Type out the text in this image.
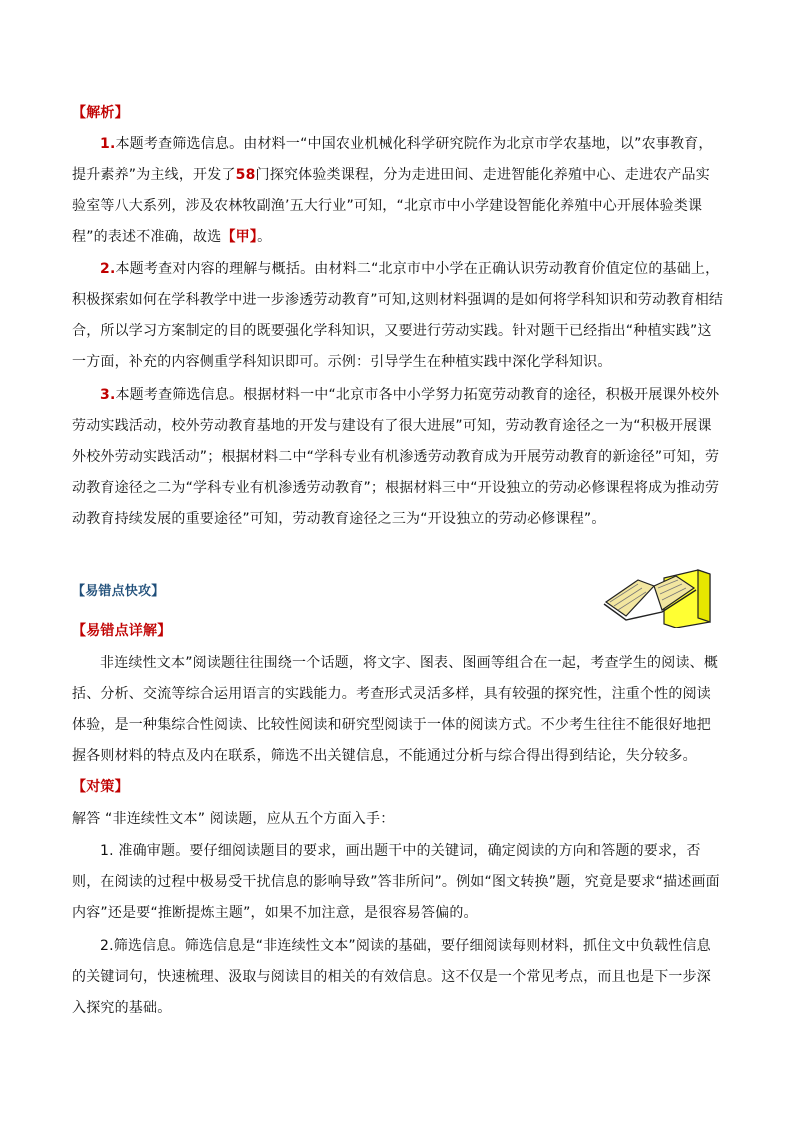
【解析】

1.本题考查筛选信息。由材料一“中国农业机械化科学研究院作为北京市学农基地，以”农事教育，提升素养”为主线，开发了58门探究体验类课程，分为走进田间、走进智能化养殖中心、走进农产品实验室等八大系列，涉及农林牧副渔’五大行业”可知，“北京市中小学建设智能化养殖中心开展体验类课程”的表述不准确，故选【甲】。

2.本题考查对内容的理解与概括。由材料二“北京市中小学在正确认识劳动教育价值定位的基础上，积极探索如何在学科教学中进一步渗透劳动教育”可知,这则材料强调的是如何将学科知识和劳动教育相结合，所以学习方案制定的目的既要强化学科知识，又要进行劳动实践。针对题干已经指出“种植实践”这一方面，补充的内容侧重学科知识即可。示例：引导学生在种植实践中深化学科知识。

3.本题考查筛选信息。根据材料一中“北京市各中小学努力拓宽劳动教育的途径，积极开展课外校外劳动实践活动，校外劳动教育基地的开发与建设有了很大进展”可知，劳动教育途径之一为“积极开展课外校外劳动实践活动”；根据材料二中“学科专业有机渗透劳动教育成为开展劳动教育的新途径”可知，劳动教育途径之二为“学科专业有机渗透劳动教育”；根据材料三中“开设独立的劳动必修课程将成为推动劳动教育持续发展的重要途径”可知，劳动教育途径之三为“开设独立的劳动必修课程”。

【易错点快攻】
【易错点详解】

非连续性文本”阅读题往往围绕一个话题，将文字、图表、图画等组合在一起，考查学生的阅读、概括、分析、交流等综合运用语言的实践能力。考查形式灵活多样，具有较强的探究性，注重个性的阅读体验，是一种集综合性阅读、比较性阅读和研究型阅读于一体的阅读方式。不少考生往往不能很好地把握各则材料的特点及内在联系，筛选不出关键信息，不能通过分析与综合得出得到结论，失分较多。

【对策】

解答 “非连续性文本” 阅读题，应从五个方面入手：

1. 准确审题。要仔细阅读题目的要求，画出题干中的关键词，确定阅读的方向和答题的要求，否则，在阅读的过程中极易受干扰信息的影响导致”答非所问”。例如“图文转换”题，究竟是要求“描述画面内容”还是要“推断提炼主题”，如果不加注意，是很容易答偏的。

2.筛选信息。筛选信息是“非连续性文本”阅读的基础，要仔细阅读每则材料，抓住文中负载性信息的关键词句，快速梳理、汲取与阅读目的相关的有效信息。这不仅是一个常见考点，而且也是下一步深入探究的基础。
